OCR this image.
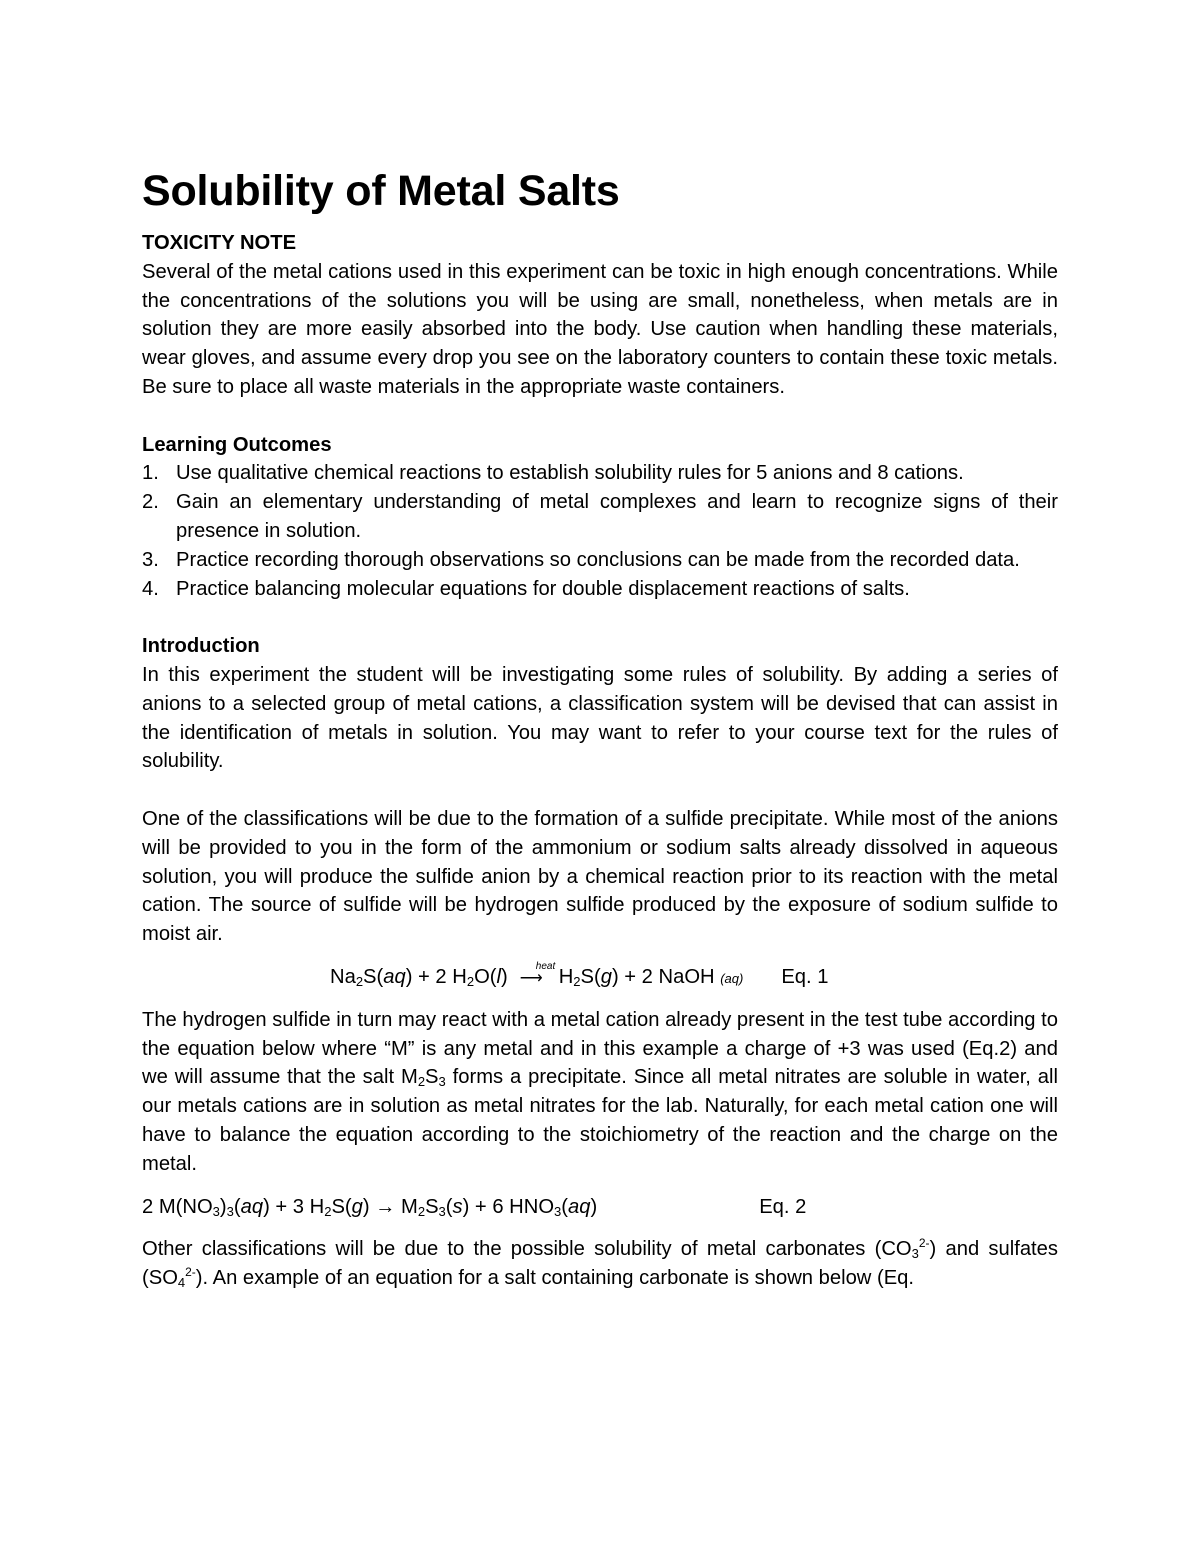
Solubility of Metal Salts

TOXICITY NOTE

Several of the metal cations used in this experiment can be toxic in high enough concentrations. While the concentrations of the solutions you will be using are small, nonetheless, when metals are in solution they are more easily absorbed into the body. Use caution when handling these materials, wear gloves, and assume every drop you see on the laboratory counters to contain these toxic metals. Be sure to place all waste materials in the appropriate waste containers.

Learning Outcomes

1. Use qualitative chemical reactions to establish solubility rules for 5 anions and 8 cations.
2. Gain an elementary understanding of metal complexes and learn to recognize signs of their presence in solution.
3. Practice recording thorough observations so conclusions can be made from the recorded data.
4. Practice balancing molecular equations for double displacement reactions of salts.

Introduction

In this experiment the student will be investigating some rules of solubility. By adding a series of anions to a selected group of metal cations, a classification system will be devised that can assist in the identification of metals in solution. You may want to refer to your course text for the rules of solubility.

One of the classifications will be due to the formation of a sulfide precipitate. While most of the anions will be provided to you in the form of the ammonium or sodium salts already dissolved in aqueous solution, you will produce the sulfide anion by a chemical reaction prior to its reaction with the metal cation. The source of sulfide will be hydrogen sulfide produced by the exposure of sodium sulfide to moist air.

$Na_2S(aq) + 2$ $H_2O(l)$	heat
⟶ $H_2S(g) + 2$ NaOH (aq) Eq. 1

The hydrogen sulfide in turn may react with a metal cation already present in the test tube according to the equation below where “M” is any metal and in this example a charge of +3 was used (Eq.2) and we will assume that the salt $M_2S_3$ forms a precipitate. Since all metal nitrates are soluble in water, all our metals cations are in solution as metal nitrates for the lab. Naturally, for each metal cation one will have to balance the equation according to the stoichiometry of the reaction and the charge on the metal.

2 $M(NO_3)_3(aq) + 3$ $H_2S(g) \to M_2S_3(s) + 6$ $HNO_3(aq)$	Eq. 2

Other classifications will be due to the possible solubility of metal carbonates $(CO_3^{2-})$ and sulfates $(SO_4^{2-})$. An example of an equation for a salt containing carbonate is shown below (Eq.
